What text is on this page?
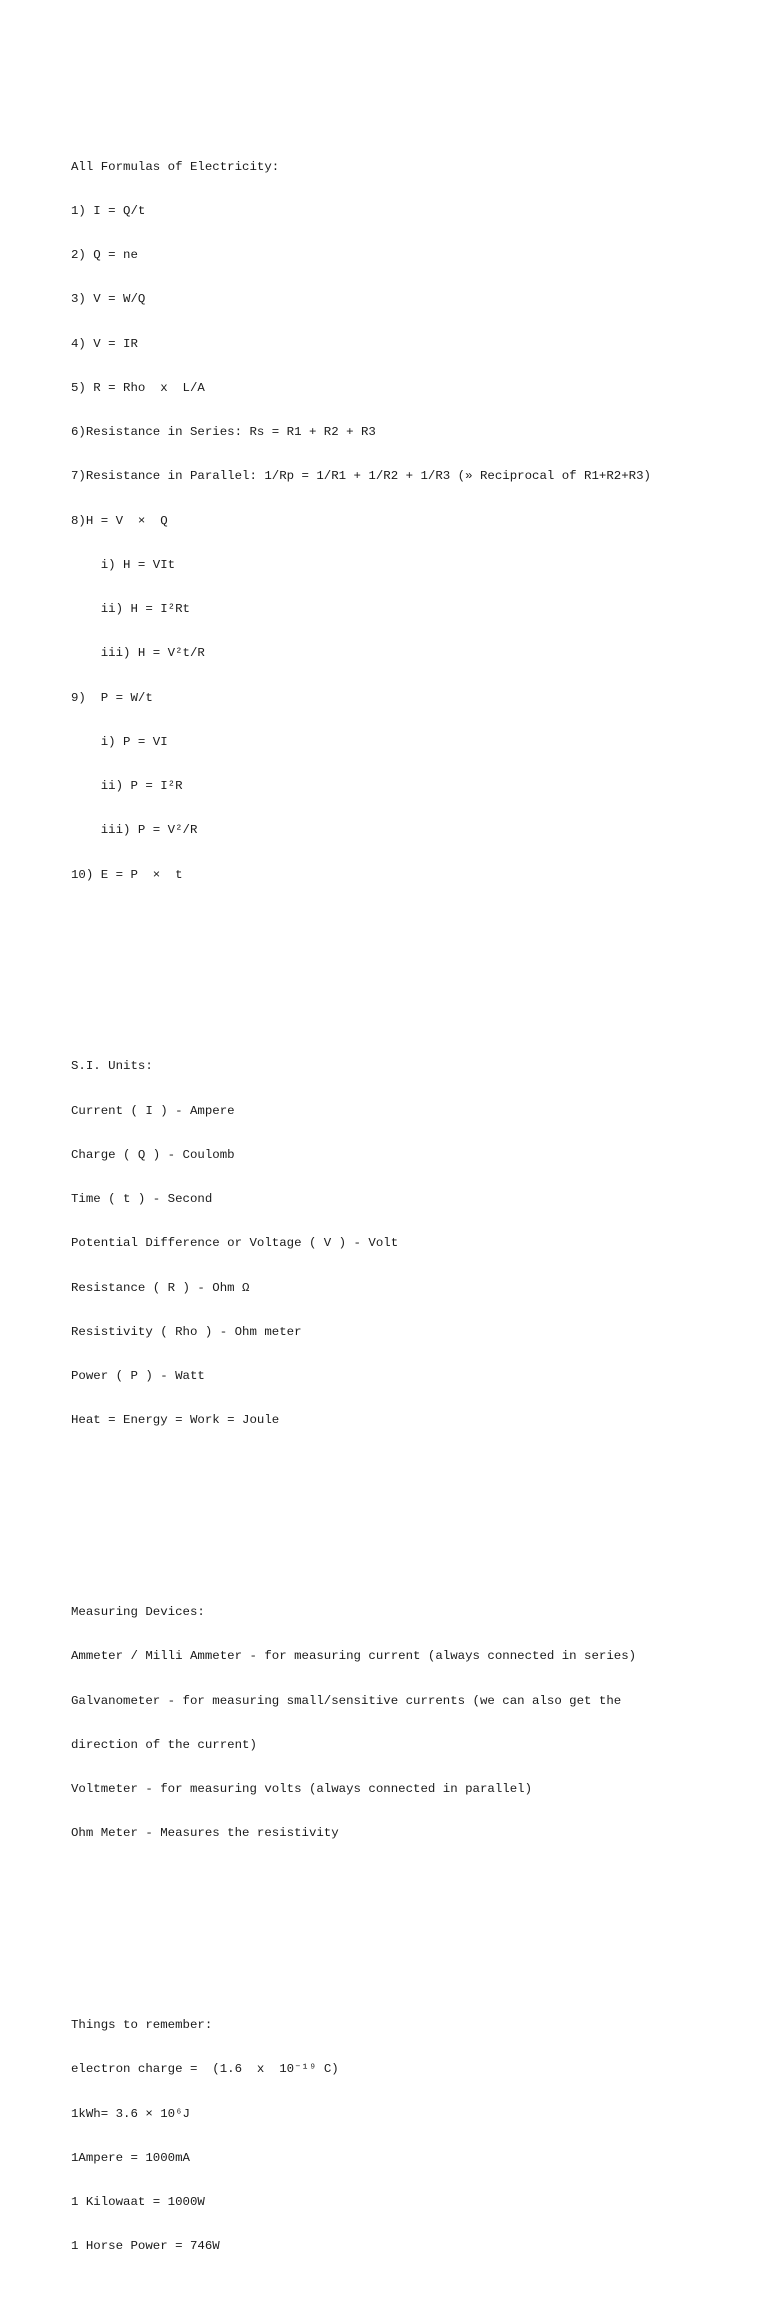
All Formulas of Electricity:

1) I = Q/t

2) Q = ne

3) V = W/Q

4) V = IR

5) R = Rho  x  L/A

6)Resistance in Series: Rs = R1 + R2 + R3

7)Resistance in Parallel: 1/Rp = 1/R1 + 1/R2 + 1/R3 (» Reciprocal of R1+R2+R3)

8)H = V  ×  Q

i) H = VIt

ii) H = I²Rt

iii) H = V²t/R

9)  P = W/t

i) P = VI

ii) P = I²R

iii) P = V²/R

10) E = P  ×  t

S.I. Units:

Current ( I ) - Ampere

Charge ( Q ) - Coulomb

Time ( t ) - Second

Potential Difference or Voltage ( V ) - Volt

Resistance ( R ) - Ohm Ω

Resistivity ( Rho ) - Ohm meter

Power ( P ) - Watt

Heat = Energy = Work = Joule

Measuring Devices:

Ammeter / Milli Ammeter - for measuring current (always connected in series)

Galvanometer - for measuring small/sensitive currents (we can also get the

direction of the current)

Voltmeter - for measuring volts (always connected in parallel)

Ohm Meter - Measures the resistivity

Things to remember:

electron charge =  (1.6  x  10⁻¹⁹ C)

1kWh= 3.6 × 10⁶J

1Ampere = 1000mA

1 Kilowaat = 1000W

1 Horse Power = 746W
